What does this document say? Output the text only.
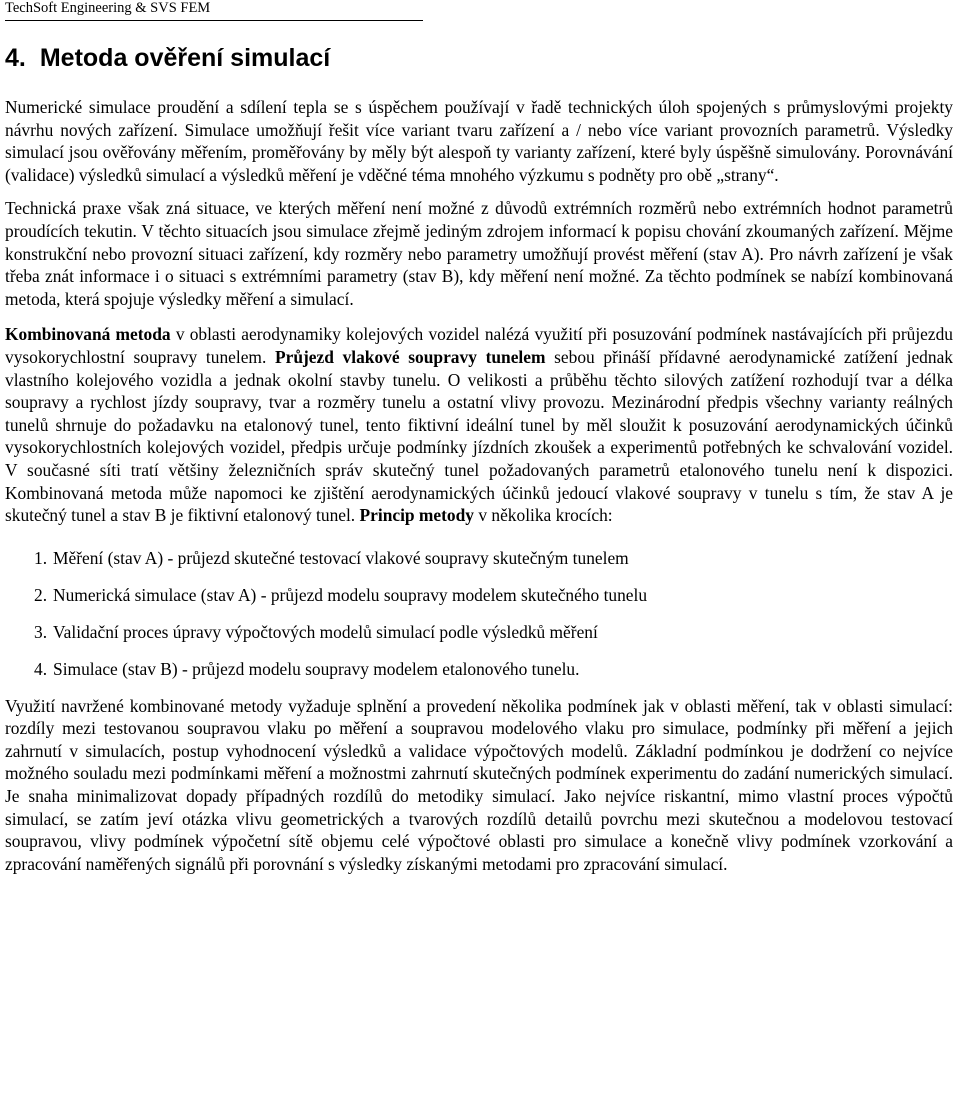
TechSoft Engineering & SVS FEM
4. Metoda ověření simulací

Numerické simulace proudění a sdílení tepla se s úspěchem používají v řadě technických úloh spojených s průmyslovými projekty návrhu nových zařízení. Simulace umožňují řešit více variant tvaru zařízení a / nebo více variant provozních parametrů. Výsledky simulací jsou ověřovány měřením, proměřovány by měly být alespoň ty varianty zařízení, které byly úspěšně simulovány. Porovnávání (validace) výsledků simulací a výsledků měření je vděčné téma mnohého výzkumu s podněty pro obě „strany“.

Technická praxe však zná situace, ve kterých měření není možné z důvodů extrémních rozměrů nebo extrémních hodnot parametrů proudících tekutin. V těchto situacích jsou simulace zřejmě jediným zdrojem informací k popisu chování zkoumaných zařízení. Mějme konstrukční nebo provozní situaci zařízení, kdy rozměry nebo parametry umožňují provést měření (stav A). Pro návrh zařízení je však třeba znát informace i o situaci s extrémními parametry (stav B), kdy měření není možné. Za těchto podmínek se nabízí kombinovaná metoda, která spojuje výsledky měření a simulací.

Kombinovaná metoda v oblasti aerodynamiky kolejových vozidel nalézá využití při posuzování podmínek nastávajících při průjezdu vysokorychlostní soupravy tunelem. Průjezd vlakové soupravy tunelem sebou přináší přídavné aerodynamické zatížení jednak vlastního kolejového vozidla a jednak okolní stavby tunelu. O velikosti a průběhu těchto silových zatížení rozhodují tvar a délka soupravy a rychlost jízdy soupravy, tvar a rozměry tunelu a ostatní vlivy provozu. Mezinárodní předpis všechny varianty reálných tunelů shrnuje do požadavku na etalonový tunel, tento fiktivní ideální tunel by měl sloužit k posuzování aerodynamických účinků vysokorychlostních kolejových vozidel, předpis určuje podmínky jízdních zkoušek a experimentů potřebných ke schvalování vozidel. V současné síti tratí většiny železničních správ skutečný tunel požadovaných parametrů etalonového tunelu není k dispozici. Kombinovaná metoda může napomoci ke zjištění aerodynamických účinků jedoucí vlakové soupravy v tunelu s tím, že stav A je skutečný tunel a stav B je fiktivní etalonový tunel. Princip metody v několika krocích:

1. Měření (stav A) - průjezd skutečné testovací vlakové soupravy skutečným tunelem
2. Numerická simulace (stav A) - průjezd modelu soupravy modelem skutečného tunelu
3. Validační proces úpravy výpočtových modelů simulací podle výsledků měření
4. Simulace (stav B) - průjezd modelu soupravy modelem etalonového tunelu.

Využití navržené kombinované metody vyžaduje splnění a provedení několika podmínek jak v oblasti měření, tak v oblasti simulací: rozdíly mezi testovanou soupravou vlaku po měření a soupravou modelového vlaku pro simulace, podmínky při měření a jejich zahrnutí v simulacích, postup vyhodnocení výsledků a validace výpočtových modelů. Základní podmínkou je dodržení co nejvíce možného souladu mezi podmínkami měření a možnostmi zahrnutí skutečných podmínek experimentu do zadání numerických simulací. Je snaha minimalizovat dopady případných rozdílů do metodiky simulací. Jako nejvíce riskantní, mimo vlastní proces výpočtů simulací, se zatím jeví otázka vlivu geometrických a tvarových rozdílů detailů povrchu mezi skutečnou a modelovou testovací soupravou, vlivy podmínek výpočetní sítě objemu celé výpočtové oblasti pro simulace a konečně vlivy podmínek vzorkování a zpracování naměřených signálů při porovnání s výsledky získanými metodami pro zpracování simulací.
